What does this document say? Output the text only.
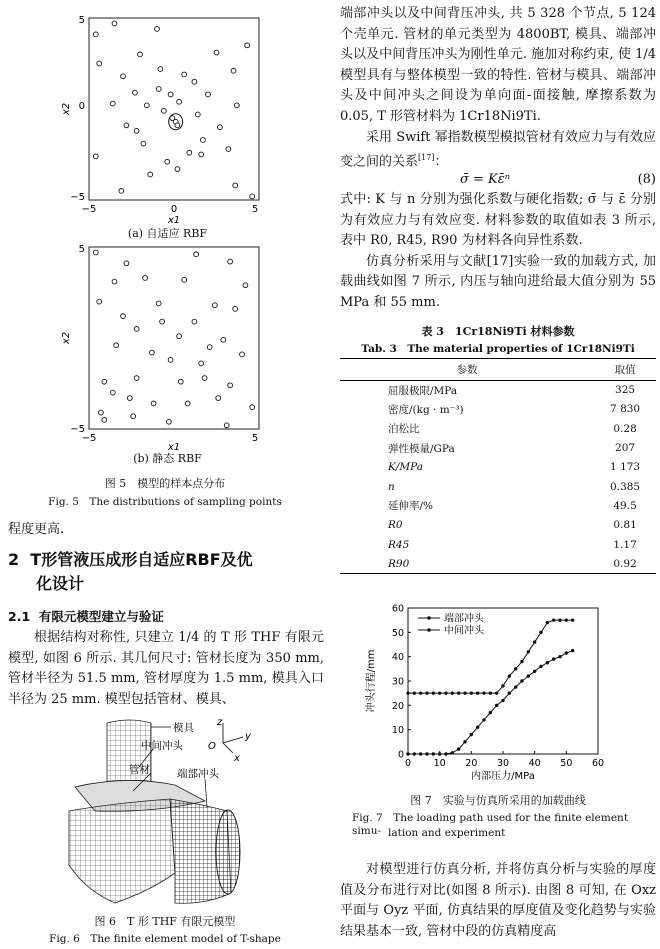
5
0
−5
−5	0	5
x1
x2
(a) 自适应 RBF
5
−5
−5	5
x1
x2
(b) 静态 RBF
图 5　模型的样本点分布
Fig. 5　The distributions of sampling points
程度更高.
2 T形管液压成形自适应RBF及优
化设计
2.1 有限元模型建立与验证

根据结构对称性, 只建立 1/4 的 T 形 THF 有限元模型, 如图 6 所示. 其几何尺寸: 管材长度为 350 mm, 管材半径为 51.5 mm, 管材厚度为 1.5 mm, 模具入口半径为 25 mm. 模型包括管材、模具、

模具
中间冲头
管材	端部冲头
z
y
x
O
图 6　T 形 THF 有限元模型
Fig. 6　The finite element model of T-shape

端部冲头以及中间背压冲头, 共 5 328 个节点, 5 124 个壳单元. 管材的单元类型为 4800BT, 模具、端部冲头以及中间背压冲头为刚性单元. 施加对称约束, 使 1/4 模型具有与整体模型一致的特性. 管材与模具、端部冲头及中间冲头之间设为单向面-面接触, 摩擦系数为 0.05, T 形管材料为 1Cr18Ni9Ti.

采用 Swift 幂指数模型模拟管材有效应力与有效应变之间的关系[17]：

σ̄ = Kε̄ⁿ	(8)

式中: K 与 n 分别为强化系数与硬化指数; σ̄ 与 ε̄ 分别为有效应力与有效应变. 材料参数的取值如表 3 所示, 表中 R0, R45, R90 为材料各向异性系数.

仿真分析采用与文献[17]实验一致的加载方式, 加载曲线如图 7 所示, 内压与轴向进给最大值分别为 55 MPa 和 55 mm.

表 3　1Cr18Ni9Ti 材料参数
Tab. 3　The material properties of 1Cr18Ni9Ti
参数	取值
屈服极限/MPa	325
密度/(kg · m⁻³)	7 830
泊松比	0.28
弹性模量/GPa	207
K/MPa	1 173
n	0.385
延伸率/%	49.5
R0	0.81
R45	1.17
R90	0.92
0 10 20 30 40 50 60
0
10
20
30
40
50
60
端部冲头
中间冲头
内部压力/MPa
冲头行程/mm
图 7　实验与仿真所采用的加载曲线
Fig. 7　The loading path used for the finite element simu- lation and experiment

对模型进行仿真分析, 并将仿真分析与实验的厚度值及分布进行对比(如图 8 所示). 由图 8 可知, 在 Oxz 平面与 Oyz 平面, 仿真结果的厚度值及变化趋势与实验结果基本一致, 管材中段的仿真精度高
